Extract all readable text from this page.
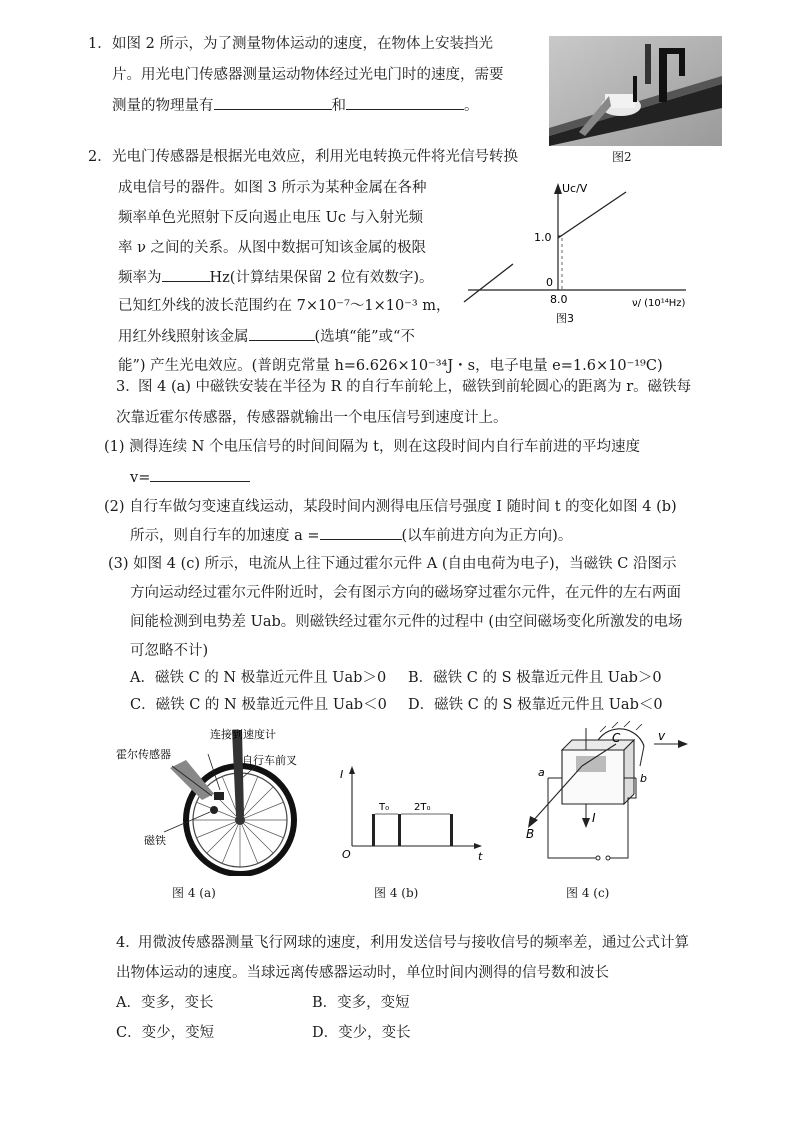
1． 如图 2 所示，为了测量物体运动的速度，在物体上安装挡光
片。用光电门传感器测量运动物体经过光电门时的速度，需要
测量的物理量有	和	。
图2
2． 光电门传感器是根据光电效应，利用光电转换元件将光信号转换
成电信号的器件。如图 3 所示为某种金属在各种
频率单色光照射下反向遏止电压 Uc 与入射光频
率 ν 之间的关系。从图中数据可知该金属的极限
频率为	Hz(计算结果保留 2 位有效数字)。
已知红外线的波长范围约在 7×10⁻⁷～1×10⁻³ m，
用红外线照射该金属	(选填“能”或“不
能”) 产生光电效应。(普朗克常量 h=6.626×10⁻³⁴J・s，电子电量 e=1.6×10⁻¹⁹C)
Uc/V
1.0
0
8.0	ν/ (10¹⁴Hz)
图3
3．
图 4 (a) 中磁铁安装在半径为 R 的自行车前轮上，磁铁到前轮圆心的距离为 r。磁铁每
次靠近霍尔传感器，传感器就输出一个电压信号到速度计上。
(1) 测得连续 N 个电压信号的时间间隔为 t，则在这段时间内自行车前进的平均速度
v=
(2) 自行车做匀变速直线运动，某段时间内测得电压信号强度 I 随时间 t 的变化如图 4 (b)
所示，则自行车的加速度 a =	(以车前进方向为正方向)。
(3) 如图 4 (c) 所示，电流从上往下通过霍尔元件 A (自由电荷为电子)，当磁铁 C 沿图示
方向运动经过霍尔元件附近时，会有图示方向的磁场穿过霍尔元件，在元件的左右两面
间能检测到电势差 Uab。则磁铁经过霍尔元件的过程中 (由空间磁场变化所激发的电场
可忽略不计)
A．磁铁 C 的 N 极靠近元件且 Uab＞0 B．磁铁 C 的 S 极靠近元件且 Uab＞0
C．磁铁 C 的 N 极靠近元件且 Uab＜0 D．磁铁 C 的 S 极靠近元件且 Uab＜0
连接到速度计
霍尔传感器	自行车前叉
磁铁
图 4 (a)
I
O	t
T₀ 2T₀
图 4 (b)
C	v
a	b
B
I
图 4 (c)
4．
用微波传感器测量飞行网球的速度，利用发送信号与接收信号的频率差，通过公式计算
出物体运动的速度。当球远离传感器运动时，单位时间内测得的信号数和波长
A．变多，变长	B．变多，变短
C．变少，变短	D．变少，变长
